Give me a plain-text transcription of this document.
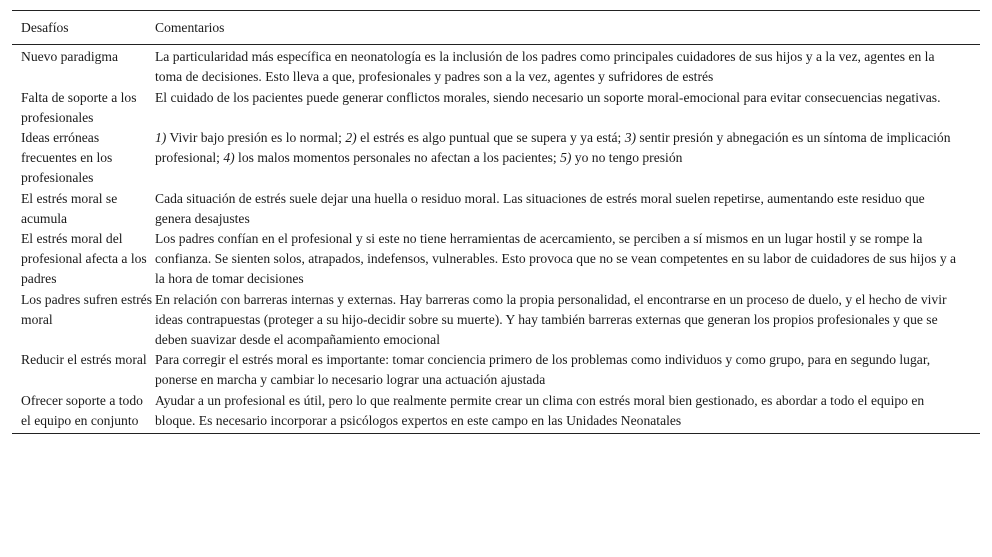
Desafíos	Comentarios
Nuevo paradigma	La particularidad más específica en neonatología es la inclusión de los padres como principales cuidadores de sus hijos y a la vez, agentes en la toma de decisiones. Esto lleva a que, profesionales y padres son a la vez, agentes y sufridores de estrés
Falta de soporte a los profesionales	El cuidado de los pacientes puede generar conflictos morales, siendo necesario un soporte moral-emocional para evitar consecuencias negativas.
Ideas erróneas frecuentes en los profesionales	1) Vivir bajo presión es lo normal; 2) el estrés es algo puntual que se supera y ya está; 3) sentir presión y abnegación es un síntoma de implicación profesional; 4) los malos momentos personales no afectan a los pacientes; 5) yo no tengo presión
El estrés moral se acumula	Cada situación de estrés suele dejar una huella o residuo moral. Las situaciones de estrés moral suelen repetirse, aumentando este residuo que genera desajustes
El estrés moral del profesional afecta a los padres	Los padres confían en el profesional y si este no tiene herramientas de acercamiento, se perciben a sí mismos en un lugar hostil y se rompe la confianza. Se sienten solos, atrapados, indefensos, vulnerables. Esto provoca que no se vean competentes en su labor de cuidadores de sus hijos y a la hora de tomar decisiones
Los padres sufren estrés moral	En relación con barreras internas y externas. Hay barreras como la propia personalidad, el encontrarse en un proceso de duelo, y el hecho de vivir ideas contrapuestas (proteger a su hijo-decidir sobre su muerte). Y hay también barreras externas que generan los propios profesionales y que se deben suavizar desde el acompañamiento emocional
Reducir el estrés moral	Para corregir el estrés moral es importante: tomar conciencia primero de los problemas como individuos y como grupo, para en segundo lugar, ponerse en marcha y cambiar lo necesario lograr una actuación ajustada
Ofrecer soporte a todo el equipo en conjunto	Ayudar a un profesional es útil, pero lo que realmente permite crear un clima con estrés moral bien gestionado, es abordar a todo el equipo en bloque. Es necesario incorporar a psicólogos expertos en este campo en las Unidades Neonatales
